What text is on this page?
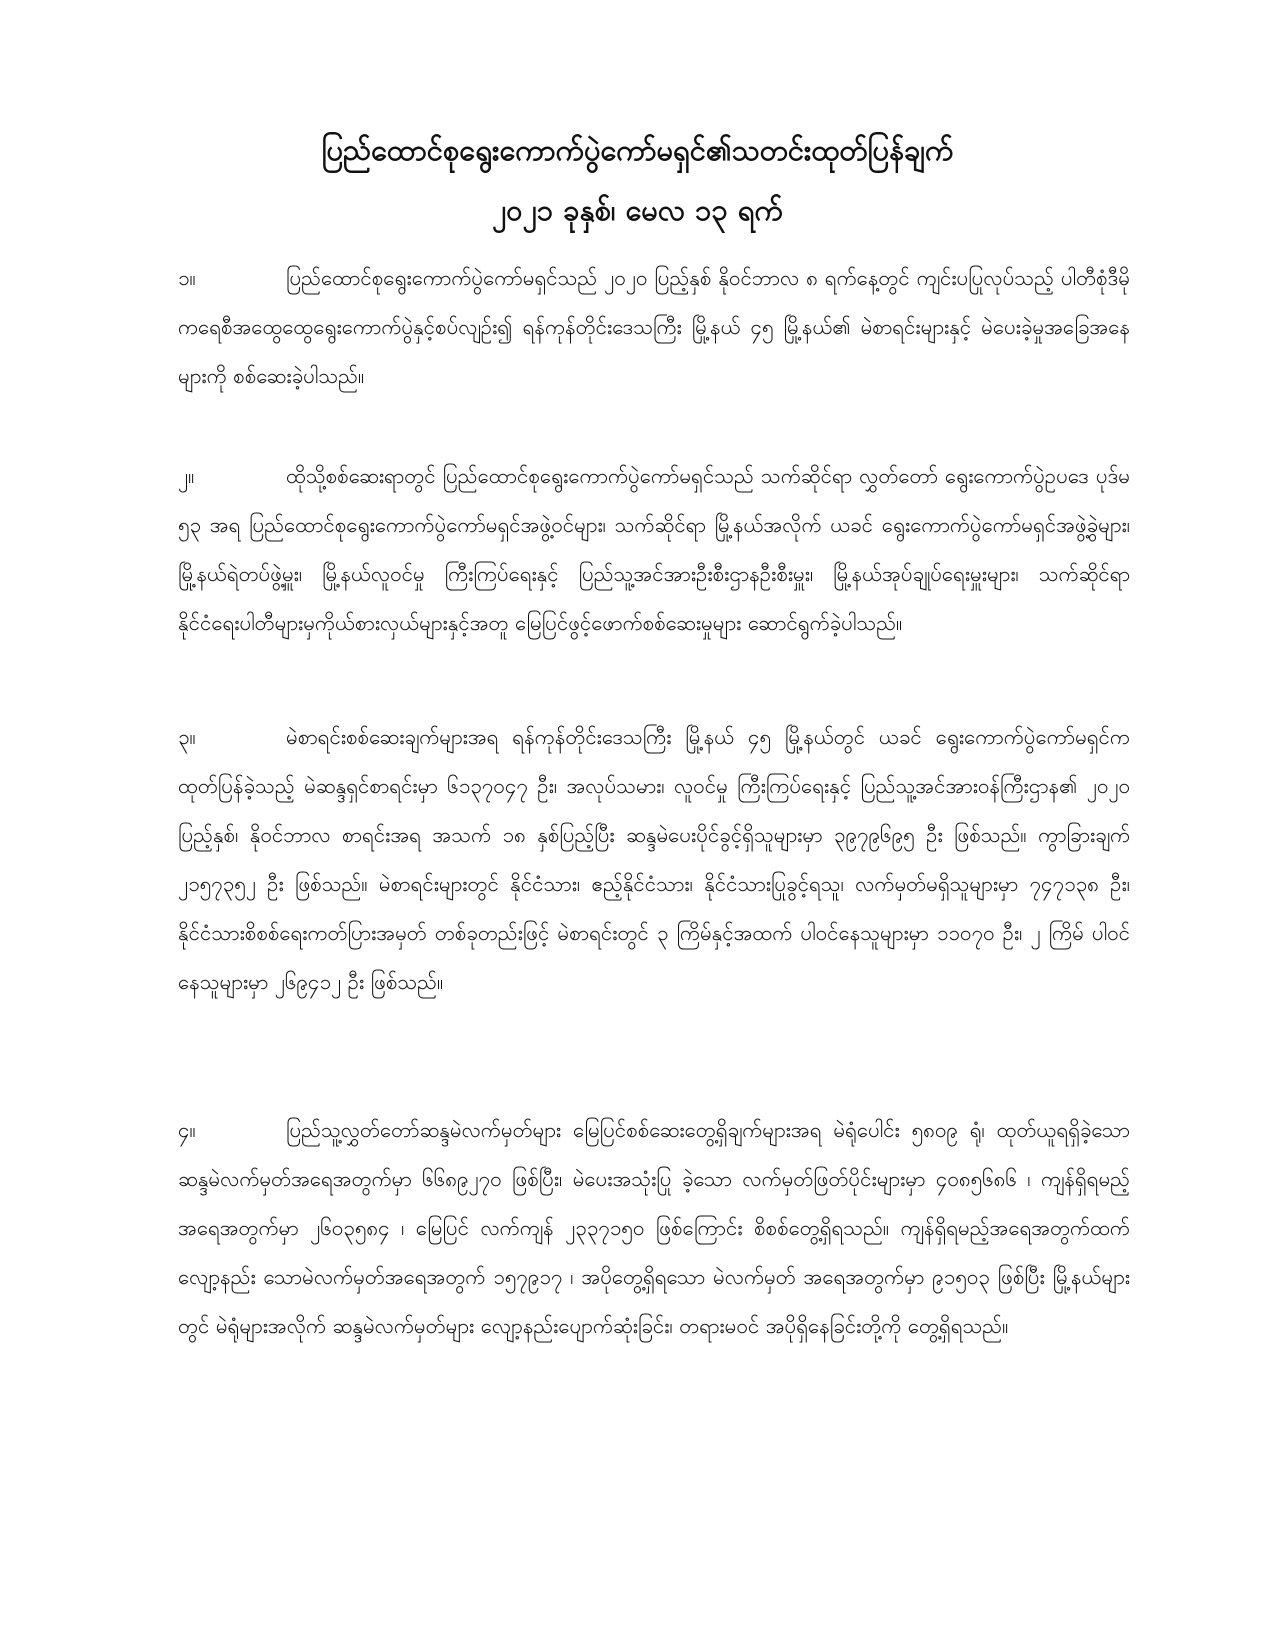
ပြည်ထောင်စုရွေးကောက်ပွဲကော်မရှင်၏သတင်းထုတ်ပြန်ချက်
၂၀၂၁ ခုနှစ်၊ မေလ ၁၃ ရက်
၁။	ပြည်ထောင်စုရွေးကောက်ပွဲကော်မရှင်သည် ၂၀၂၀ ပြည့်နှစ် နိုဝင်ဘာလ ၈ ရက်နေ့တွင် ကျင်းပပြုလုပ်သည့် ပါတီစုံဒီမိုကရေစီအထွေထွေရွေးကောက်ပွဲနှင့်စပ်လျဉ်း၍ ရန်ကုန်တိုင်းဒေသကြီး မြို့နယ် ၄၅ မြို့နယ်၏ မဲစာရင်းများနှင့် မဲပေးခဲ့မှုအခြေအနေများကို စစ်ဆေးခဲ့ပါသည်။
၂။	ထိုသို့စစ်ဆေးရာတွင် ပြည်ထောင်စုရွေးကောက်ပွဲကော်မရှင်သည် သက်ဆိုင်ရာ လွှတ်တော် ရွေးကောက်ပွဲဥပဒေ ပုဒ်မ ၅၃ အရ ပြည်ထောင်စုရွေးကောက်ပွဲကော်မရှင်အဖွဲ့ဝင်များ၊ သက်ဆိုင်ရာ မြို့နယ်အလိုက် ယခင် ရွေးကောက်ပွဲကော်မရှင်အဖွဲ့ခွဲများ၊ မြို့နယ်ရဲတပ်ဖွဲ့မှူး၊ မြို့နယ်လူဝင်မှု ကြီးကြပ်ရေးနှင့် ပြည်သူ့အင်အားဦးစီးဌာနဦးစီးမှူး၊ မြို့နယ်အုပ်ချုပ်ရေးမှူးများ၊ သက်ဆိုင်ရာ နိုင်ငံရေးပါတီများမှကိုယ်စားလှယ်များနှင့်အတူ မြေပြင်ဖွင့်ဖောက်စစ်ဆေးမှုများ ဆောင်ရွက်ခဲ့ပါသည်။
၃။	မဲစာရင်းစစ်ဆေးချက်များအရ ရန်ကုန်တိုင်းဒေသကြီး မြို့နယ် ၄၅ မြို့နယ်တွင် ယခင် ရွေးကောက်ပွဲကော်မရှင်က ထုတ်ပြန်ခဲ့သည့် မဲဆန္ဒရှင်စာရင်းမှာ ၆၁၃၇၀၄၇ ဦး၊ အလုပ်သမား၊ လူဝင်မှု ကြီးကြပ်ရေးနှင့် ပြည်သူ့အင်အားဝန်ကြီးဌာန၏ ၂၀၂၀ ပြည့်နှစ်၊ နိုဝင်ဘာလ စာရင်းအရ အသက် ၁၈ နှစ်ပြည့်ပြီး ဆန္ဒမဲပေးပိုင်ခွင့်ရှိသူများမှာ ၃၉၇၉၆၉၅ ဦး ဖြစ်သည်။ ကွာခြားချက် ၂၁၅၇၃၅၂ ဦး ဖြစ်သည်။ မဲစာရင်းများတွင် နိုင်ငံသား၊ ဧည့်နိုင်ငံသား၊ နိုင်ငံသားပြုခွင့်ရသူ၊ လက်မှတ်မရှိသူများမှာ ၇၄၇၁၃၈ ဦး၊ နိုင်ငံသားစိစစ်ရေးကတ်ပြားအမှတ် တစ်ခုတည်းဖြင့် မဲစာရင်းတွင် ၃ ကြိမ်နှင့်အထက် ပါဝင်နေသူများမှာ ၁၁၀၇၀ ဦး၊ ၂ ကြိမ် ပါဝင်နေသူများမှာ ၂၆၉၄၁၂ ဦး ဖြစ်သည်။
၄။	ပြည်သူ့လွှတ်တော်ဆန္ဒမဲလက်မှတ်များ မြေပြင်စစ်ဆေးတွေ့ရှိချက်များအရ မဲရုံပေါင်း ၅၈၀၉ ရုံ၊ ထုတ်ယူရရှိခဲ့သော ဆန္ဒမဲလက်မှတ်အရေအတွက်မှာ ၆၆၈၉၂၇၀ ဖြစ်ပြီး၊ မဲပေးအသုံးပြု ခဲ့သော လက်မှတ်ဖြတ်ပိုင်းများမှာ ၄၀၈၅၆၈၆ ၊ ကျန်ရှိရမည့်အရေအတွက်မှာ ၂၆၀၃၅၈၄ ၊ မြေပြင် လက်ကျန် ၂၃၃၇၁၅၀ ဖြစ်ကြောင်း စိစစ်တွေ့ရှိရသည်။ ကျန်ရှိရမည့်အရေအတွက်ထက် လျော့နည်း သောမဲလက်မှတ်အရေအတွက် ၁၅၇၉၁၇ ၊ အပိုတွေ့ရှိရသော မဲလက်မှတ် အရေအတွက်မှာ ၉၁၅၀၃ ဖြစ်ပြီး မြို့နယ်များတွင် မဲရုံများအလိုက် ဆန္ဒမဲလက်မှတ်များ လျော့နည်းပျောက်ဆုံးခြင်း၊ တရားမဝင် အပိုရှိနေခြင်းတို့ကို တွေ့ရှိရသည်။
